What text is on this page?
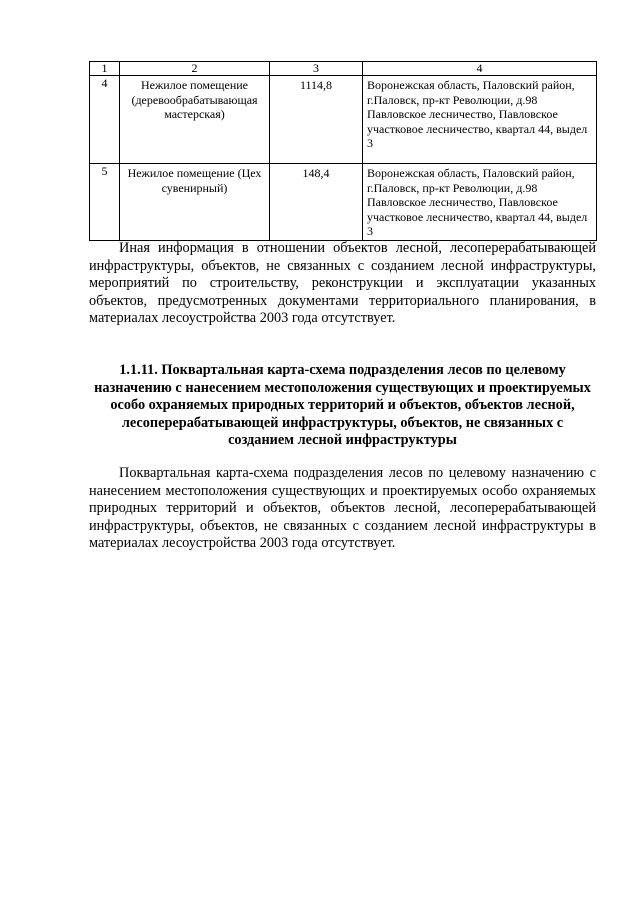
1	2	3	4
4	Нежилое помещение (деревообрабатывающая мастерская)	1114,8	Воронежская область, Паловский район, г.Паловск, пр-кт Революции, д.98 Павловское лесничество, Павловское участковое лесничество, квартал 44, выдел 3
5	Нежилое помещение (Цех сувенирный)	148,4	Воронежская область, Паловский район, г.Паловск, пр-кт Революции, д.98 Павловское лесничество, Павловское участковое лесничество, квартал 44, выдел 3

Иная информация в отношении объектов лесной, лесоперерабатывающей инфраструктуры, объектов, не связанных с созданием лесной инфраструктуры, мероприятий по строительству, реконструкции и эксплуатации указанных объектов, предусмотренных документами территориального планирования, в материалах лесоустройства 2003 года отсутствует.

1.1.11. Поквартальная карта-схема подразделения лесов по целевому назначению с нанесением местоположения существующих и проектируемых особо охраняемых природных территорий и объектов, объектов лесной, лесоперерабатывающей инфраструктуры, объектов, не связанных с созданием лесной инфраструктуры

Поквартальная карта-схема подразделения лесов по целевому назначению с нанесением местоположения существующих и проектируемых особо охраняемых природных территорий и объектов, объектов лесной, лесоперерабатывающей инфраструктуры, объектов, не связанных с созданием лесной инфраструктуры в материалах лесоустройства 2003 года отсутствует.
